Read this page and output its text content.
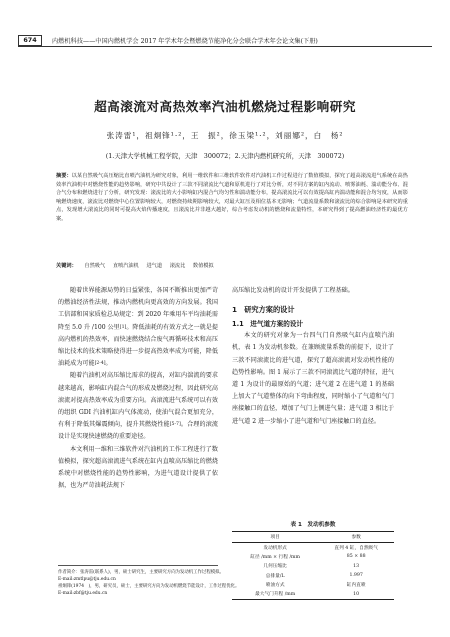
674	内燃机科技——中国内燃机学会 2017 年学术年会暨燃烧节能净化分会联合学术年会论文集(下册)
超高滚流对高热效率汽油机燃烧过程影响研究
张涛雷¹，祖炯锋¹·²，王　振²，徐玉梁¹·²，刘丽娜²，白　杨²
(1.天津大学机械工程学院，天津　300072；2.天津内燃机研究所，天津　300072)
摘要：以某自然吸气高压缩比直喷汽油机为研究对象，利用一维软件和三维软件软件对汽油机工作过程进行了数值模拟，探究了超高滚流进气系统在高热效率汽油机中对燃烧性能的趋势影响，研究中共设计了三款不同滚流比气道和原机进行了对比分析，对不同方案的缸内流动、喷雾油耗、湍动能分布、混合气分布和燃烧进行了分析，研究发现：滚流比的大小影响缸内混合气均匀性和湍动能分布，提高滚流比可以有效提高缸内湍动能和混合均匀度，从而影响燃烧速度，滚流比对燃烧中心位置影响较大，对燃烧持续期影响较大，对最大缸压及相位基本无影响；气道流量系数和滚流比的综合影响是本研究的重点，发现增大滚流比的同时可提高火焰传播速度，且滚流比并非越大越好，综合考虑发动机的燃烧和流量特性，本研究得到了提高燃油经济性的最优方案。
关键词： 自然吸气 直喷汽油机 进气道 滚流比 数值模拟

随着世界能源局势的日益紧张，各国不断推出更加严苛的燃油经济性法规，推动内燃机向更高效的方向发展。我国工信部和国家质检总局规定：到 2020 年乘用车平均油耗需降至 5.0 升 /100 公里[1]。降低油耗的有效方式之一就是提高内燃机的热效率，而快速燃烧结合废气再循环技术和高压缩比技术的技术策略使得进一步提高热效率成为可能，降低油耗成为可能[2-4]。

随着汽油机对高压缩比需求的提高，对缸内湍流的要求越来越高，影响缸内混合气的形成及燃烧过程，因此研究高滚流对提高热效率成为重要方向。高滚流进气系统可以有效的组织 GDI 汽油机缸内气体流动，使油气混合更加充分，有利于降低其爆震倾向，提升其燃烧性能[5-7]。合理的滚流设计是实现快速燃烧的重要途径。

本文利用一维和三维软件对汽油机的工作工程进行了数值模拟，探究超高滚流进气系统在缸内直喷高压缩比的燃烧系统中对燃烧性能的趋势性影响，为进气道设计提供了依据，也为严苛油耗法规下

作者简介：张涛雷(联系人)，男，硕士研究生，主要研究方向为发动机工作过程模拟。
E-mail:zmtlpu@tju.edu.cn
祖炯锋(1974　)，男，研究员，硕士，主要研究方向为发动机燃烧节能设计，工作过程优化。
E-mail:zbf@tju.edu.cn
高压缩比发动机的设计开发提供了工程基础。
1　研究方案的设计
1.1　进气道方案的设计

本文的研究对象为一台四气门自然吸气缸内直喷汽油机，表 1 为发动机参数。在兼顾流量系数的前提下，设计了三款不同滚流比的进气道，探究了超高滚流对发动机性能的趋势性影响。图 1 展示了三款不同滚流比气道的特征，进气道 1 为设计的最原始的气道；进气道 2 在进气道 1 的基础上加大了气道整体的向下弯曲程度，同时缩小了气道和气门座接触口的直径，增加了气门上侧进气量；进气道 3 相比于进气道 2 进一步缩小了进气道和气门座接触口的直径。

表 1　发动机参数
项目	参数
发动机形式	直列 4 缸，自然吸气
缸径 /mm × 行程 /mm	85 × 88
几何压缩比	13
总排量/L	1.997
喷油方式	缸内直喷
最大气门升程 /mm	10
